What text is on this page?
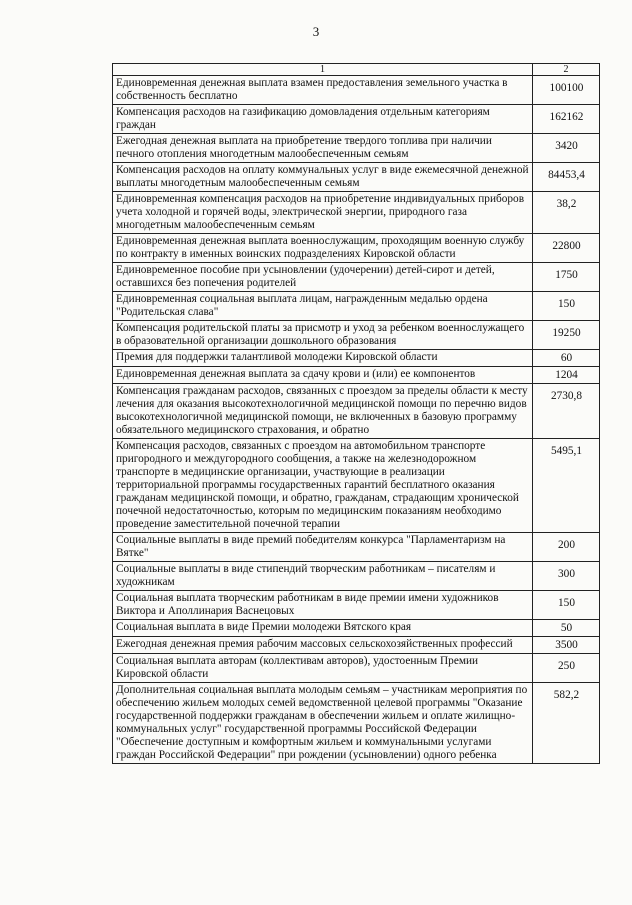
3
1	2
Единовременная денежная выплата взамен предоставления земельного участка в собственность бесплатно	100100
Компенсация расходов на газификацию домовладения отдельным категориям граждан	162162
Ежегодная денежная выплата на приобретение твердого топлива при наличии печного отопления многодетным малообеспеченным семьям	3420
Компенсация расходов на оплату коммунальных услуг в виде ежемесячной денежной выплаты многодетным малообеспеченным семьям	84453,4
Единовременная компенсация расходов на приобретение индивидуальных приборов учета холодной и горячей воды, электрической энергии, природного газа многодетным малообеспеченным семьям	38,2
Единовременная денежная выплата военнослужащим, проходящим военную службу по контракту в именных воинских подразделениях Кировской области	22800
Единовременное пособие при усыновлении (удочерении) детей-сирот и детей, оставшихся без попечения родителей	1750
Единовременная социальная выплата лицам, награжденным медалью ордена "Родительская слава"	150
Компенсация родительской платы за присмотр и уход за ребенком военнослужащего в образовательной организации дошкольного образования	19250
Премия для поддержки талантливой молодежи Кировской области	60
Единовременная денежная выплата за сдачу крови и (или) ее компонентов	1204
Компенсация гражданам расходов, связанных с проездом за пределы области к месту лечения для оказания высокотехнологичной медицинской помощи по перечню видов высокотехнологичной медицинской помощи, не включенных в базовую программу обязательного медицинского страхования, и обратно	2730,8
Компенсация расходов, связанных с проездом на автомобильном транспорте пригородного и междугородного сообщения, а также на железнодорожном транспорте в медицинские организации, участвующие в реализации территориальной программы государственных гарантий бесплатного оказания гражданам медицинской помощи, и обратно, гражданам, страдающим хронической почечной недостаточностью, которым по медицинским показаниям необходимо проведение заместительной почечной терапии	5495,1
Социальные выплаты в виде премий победителям конкурса "Парламентаризм на Вятке"	200
Социальные выплаты в виде стипендий творческим работникам – писателям и художникам	300
Социальная выплата творческим работникам в виде премии имени художников Виктора и Аполлинария Васнецовых	150
Социальная выплата в виде Премии молодежи Вятского края	50
Ежегодная денежная премия рабочим массовых сельскохозяйственных профессий	3500
Социальная выплата авторам (коллективам авторов), удостоенным Премии Кировской области	250
Дополнительная социальная выплата молодым семьям – участникам мероприятия по обеспечению жильем молодых семей ведомственной целевой программы "Оказание государственной поддержки гражданам в обеспечении жильем и оплате жилищно-коммунальных услуг" государственной программы Российской Федерации "Обеспечение доступным и комфортным жильем и коммунальными услугами граждан Российской Федерации" при рождении (усыновлении) одного ребенка	582,2
